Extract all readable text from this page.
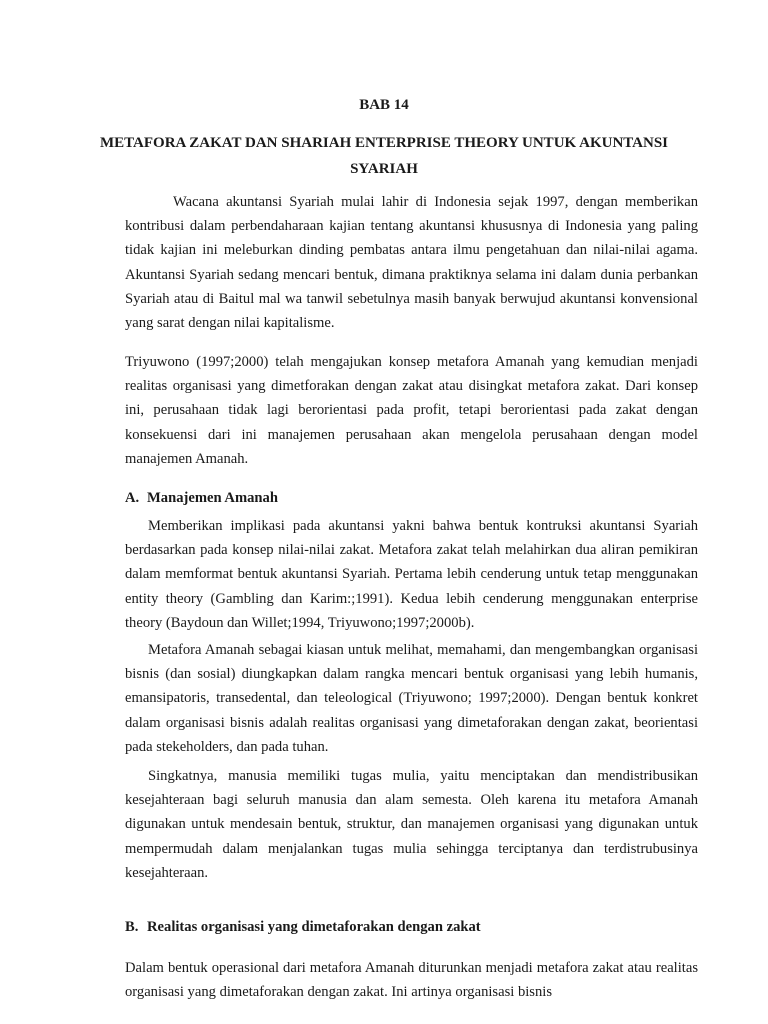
BAB 14
METAFORA ZAKAT DAN SHARIAH ENTERPRISE THEORY UNTUK AKUNTANSI SYARIAH

Wacana akuntansi Syariah mulai lahir di Indonesia sejak 1997, dengan memberikan kontribusi dalam perbendaharaan kajian tentang akuntansi khususnya di Indonesia yang paling tidak kajian ini meleburkan dinding pembatas antara ilmu pengetahuan dan nilai-nilai agama. Akuntansi Syariah sedang mencari bentuk, dimana praktiknya selama ini dalam dunia perbankan Syariah atau di Baitul mal wa tanwil sebetulnya masih banyak berwujud akuntansi konvensional yang sarat dengan nilai kapitalisme.

Triyuwono (1997;2000) telah mengajukan konsep metafora Amanah yang kemudian menjadi realitas organisasi yang dimetforakan dengan zakat atau disingkat metafora zakat. Dari konsep ini, perusahaan tidak lagi berorientasi pada profit, tetapi berorientasi pada zakat dengan konsekuensi dari ini manajemen perusahaan akan mengelola perusahaan dengan model manajemen Amanah.

A. Manajemen Amanah

Memberikan implikasi pada akuntansi yakni bahwa bentuk kontruksi akuntansi Syariah berdasarkan pada konsep nilai-nilai zakat. Metafora zakat telah melahirkan dua aliran pemikiran dalam memformat bentuk akuntansi Syariah. Pertama lebih cenderung untuk tetap menggunakan entity theory (Gambling dan Karim:;1991). Kedua lebih cenderung menggunakan enterprise theory (Baydoun dan Willet;1994, Triyuwono;1997;2000b).

Metafora Amanah sebagai kiasan untuk melihat, memahami, dan mengembangkan organisasi bisnis (dan sosial) diungkapkan dalam rangka mencari bentuk organisasi yang lebih humanis, emansipatoris, transedental, dan teleological (Triyuwono; 1997;2000). Dengan bentuk konkret dalam organisasi bisnis adalah realitas organisasi yang dimetaforakan dengan zakat, beorientasi pada stekeholders, dan pada tuhan.

Singkatnya, manusia memiliki tugas mulia, yaitu menciptakan dan mendistribusikan kesejahteraan bagi seluruh manusia dan alam semesta. Oleh karena itu metafora Amanah digunakan untuk mendesain bentuk, struktur, dan manajemen organisasi yang digunakan untuk mempermudah dalam menjalankan tugas mulia sehingga terciptanya dan terdistrubusinya kesejahteraan.

B. Realitas organisasi yang dimetaforakan dengan zakat

Dalam bentuk operasional dari metafora Amanah diturunkan menjadi metafora zakat atau realitas organisasi yang dimetaforakan dengan zakat. Ini artinya organisasi bisnis
